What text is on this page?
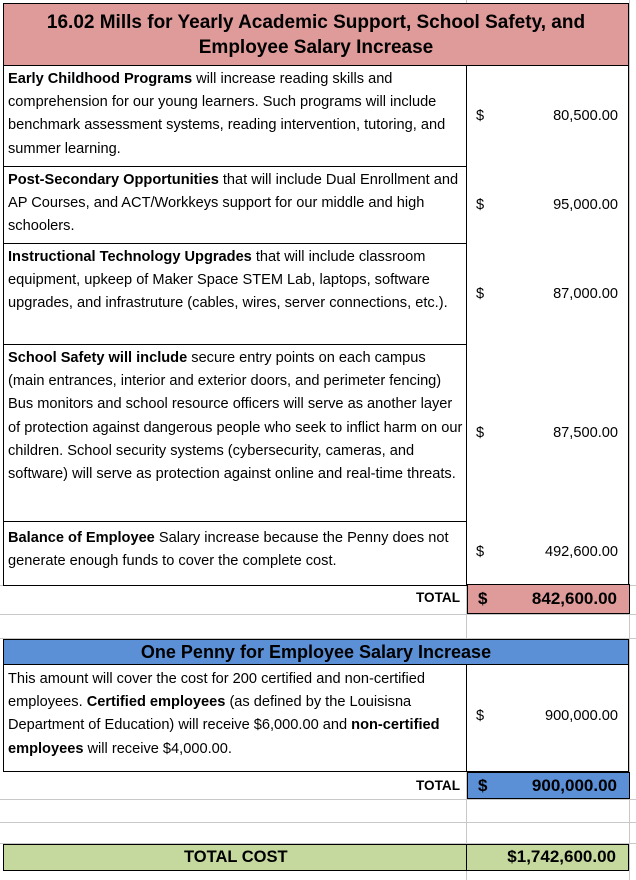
16.02 Mills for Yearly Academic Support, School Safety, and
Employee Salary Increase
Early Childhood Programs will increase reading skills and comprehension for our young learners. Such programs will include benchmark assessment systems, reading intervention, tutoring, and summer learning.
$	80,500.00
Post-Secondary Opportunities that will include Dual Enrollment and AP Courses, and ACT/Workkeys support for our middle and high schoolers.
$	95,000.00
Instructional Technology Upgrades that will include classroom equipment, upkeep of Maker Space STEM Lab, laptops, software upgrades, and infrastruture (cables, wires, server connections, etc.).
$	87,000.00
School Safety will include secure entry points on each campus (main entrances, interior and exterior doors, and perimeter fencing) Bus monitors and school resource officers will serve as another layer of protection against dangerous people who seek to inflict harm on our children. School security systems (cybersecurity, cameras, and software) will serve as protection against online and real-time threats.
$	87,500.00
Balance of Employee Salary increase because the Penny does not generate enough funds to cover the complete cost.
$	492,600.00
TOTAL $	842,600.00
One Penny for Employee Salary Increase
This amount will cover the cost for 200 certified and non-certified employees. Certified employees (as defined by the Louisisna Department of Education) will receive $6,000.00 and non-certified employees will receive $4,000.00.
$	900,000.00
TOTAL $	900,000.00
TOTAL COST	$1,742,600.00
